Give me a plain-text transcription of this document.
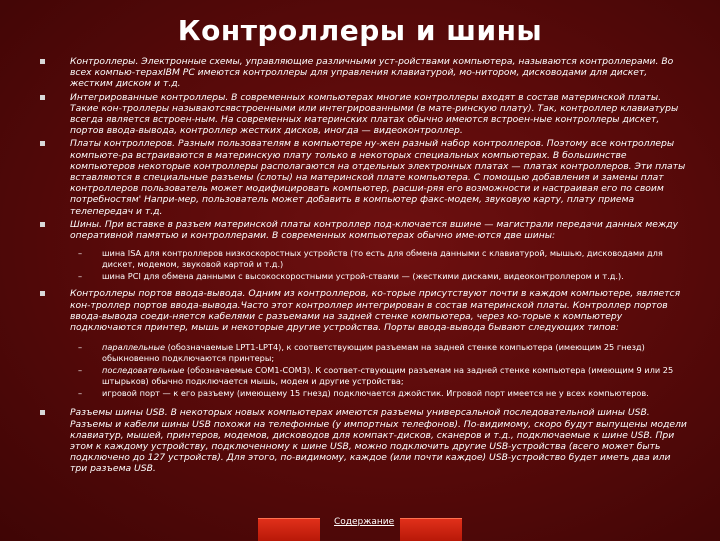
Контроллеры и шины
Контроллеры. Электронные схемы, управляющие различными уст-ройствами компьютера, называются контроллерами. Во всех компью-терахIBM PC имеются контроллеры для управления клавиатурой, мо-нитором, дисководами для дискет, жестким диском и т.д.
Интегрированные контроллеры. В современных компьютерах многие контроллеры входят в состав материнской платы. Такие кон-троллеры называютсявстроенными или интегрированными (в мате-ринскую плату). Так, контроллер клавиатуры всегда является встроен-ным. На современных материнских платах обычно имеются встроен-ные контроллеры дискет, портов ввода-вывода, контроллер жестких дисков, иногда — видеоконтроллер.
Платы контроллеров. Разным пользователям в компьютере ну-жен разный набор контроллеров. Поэтому все контроллеры компьюте-ра встраиваются в материнскую плату только в некоторых специальных компьютерах. В большинстве компьютеров некоторые контроллеры располагаются на отдельных электронных платах — платах контроллеров. Эти платы вставляются в специальные разъемы (слоты) на материнской плате компьютера. С помощью добавления и замены плат контроллеров пользователь может модифицировать компьютер, расши-ряя его возможности и настраивая его по своим потребностям' Напри-мер, пользователь может добавить в компьютер факс-модем, звуковую карту, плату приема телепередач и т.д.
Шины. При вставке в разъем материнской платы контроллер под-ключается вшине — магистрали передачи данных между оперативной памятью и контроллерами. В современных компьютерах обычно име-ются две шины:
– шина ISA для контроллеров низкоскоростных устройств (то есть для обмена данными с клавиатурой, мышью, дисководами для дискет, модемом, звуковой картой и т.д.)
– шина PCI для обмена данными с высокоскоростными устрой-ствами — (жесткими дисками, видеоконтроллером и т.д.).
Контроллеры портов ввода-вывода. Одним из контроллеров, ко-торые присутствуют почти в каждом компьютере, является кон-троллер портов ввода-вывода.Часто этот контроллер интегрирован в состав материнской платы. Контроллер портов ввода-вывода соеди-няется кабелями с разъемами на задней стенке компьютера, через ко-торые к компьютеру подключаются принтер, мышь и некоторые другие устройства. Порты ввода-вывода бывают следующих типов:
– параллельные (обозначаемые LPT1-LPT4), к соответствующим разъемам на задней стенке компьютера (имеющим 25 гнезд) обыкновенно подключаются принтеры;
– последовательные (обозначаемые COM1-COM3). К соответ-ствующим разъемам на задней стенке компьютера (имеющим 9 или 25 штырьков) обычно подключается мышь, модем и другие устройства;
– игровой порт — к его разъему (имеющему 15 гнезд) подключается джойстик. Игровой порт имеется не у всех компьютеров.
Разъемы шины USB. В некоторых новых компьютерах имеются разъемы универсальной последовательной шины USB. Разъемы и кабели шины USB похожи на телефонные (у импортных телефонов). По-видимому, скоро будут выпущены модели клавиатур, мышей, принтеров, модемов, дисководов для компакт-дисков, сканеров и т.д., подключаемые к шине USB. При этом к каждому устройству, подключенному к шине USB, можно подключить другие USB-устройства (всего может быть подключено до 127 устройств). Для этого, по-видимому, каждое (или почти каждое) USB-устройство будет иметь два или три разъема USB.
Содержание
